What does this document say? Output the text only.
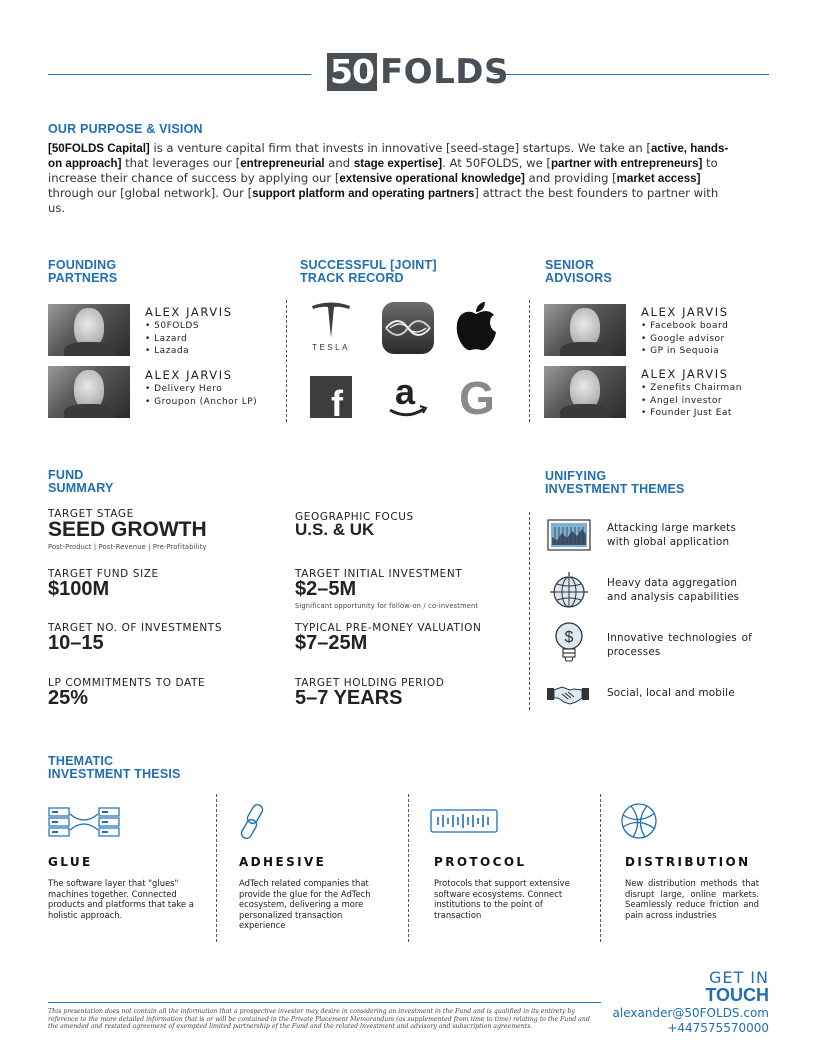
50 FOLDS
OUR PURPOSE & VISION
[50FOLDS Capital] is a venture capital firm that invests in innovative [seed-stage] startups. We take an [active, hands-on approach] that leverages our [entrepreneurial and stage expertise]. At 50FOLDS, we [partner with entrepreneurs] to increase their chance of success by applying our [extensive operational knowledge] and providing [market access] through our [global network]. Our [support platform and operating partners] attract the best founders to partner with us.
FOUNDING
PARTNERS
ALEX JARVIS
• 50FOLDS
• Lazard
• Lazada
ALEX JARVIS
• Delivery Hero
• Groupon (Anchor LP)
SUCCESSFUL [JOINT]
TRACK RECORD
TESLA
f a G
SENIOR
ADVISORS
ALEX JARVIS
• Facebook board
• Google advisor
• GP in Sequoia
ALEX JARVIS
• Zenefits Chairman
• Angel investor
• Founder Just Eat
FUND
SUMMARY
TARGET STAGE
SEED GROWTH
Post-Product | Post-Revenue | Pre-Profitability
GEOGRAPHIC FOCUS
U.S. & UK
TARGET FUND SIZE
$100M
TARGET INITIAL INVESTMENT
$2–5M
Significant opportunity for follow-on / co-investment
TARGET NO. OF INVESTMENTS
10–15
TYPICAL PRE-MONEY VALUATION
$7–25M
LP COMMITMENTS TO DATE
25%
TARGET HOLDING PERIOD
5–7 YEARS
UNIFYING
INVESTMENT THEMES
Attacking large markets with global application
Heavy data aggregation and analysis capabilities
$	Innovative technologies of processes
Social, local and mobile
THEMATIC
INVESTMENT THESIS
GLUE
The software layer that "glues" machines together. Connected products and platforms that take a holistic approach.
ADHESIVE
AdTech related companies that provide the glue for the AdTech ecosystem, delivering a more personalized transaction experience
PROTOCOL
Protocols that support extensive software ecosystems. Connect institutions to the point of transaction
DISTRIBUTION
New distribution methods that disrupt large, online markets. Seamlessly reduce friction and pain across industries
This presentation does not contain all the information that a prospective investor may desire in considering an investment in the Fund and is qualified in its entirety by reference to the more detailed information that is or will be contained in the Private Placement Memorandum (as supplemented from time to time) relating to the Fund and the amended and restated agreement of exempted limited partnership of the Fund and the related investment and advisory and subscription agreements.
GET IN
TOUCH
alexander@50FOLDS.com
+447575570000
